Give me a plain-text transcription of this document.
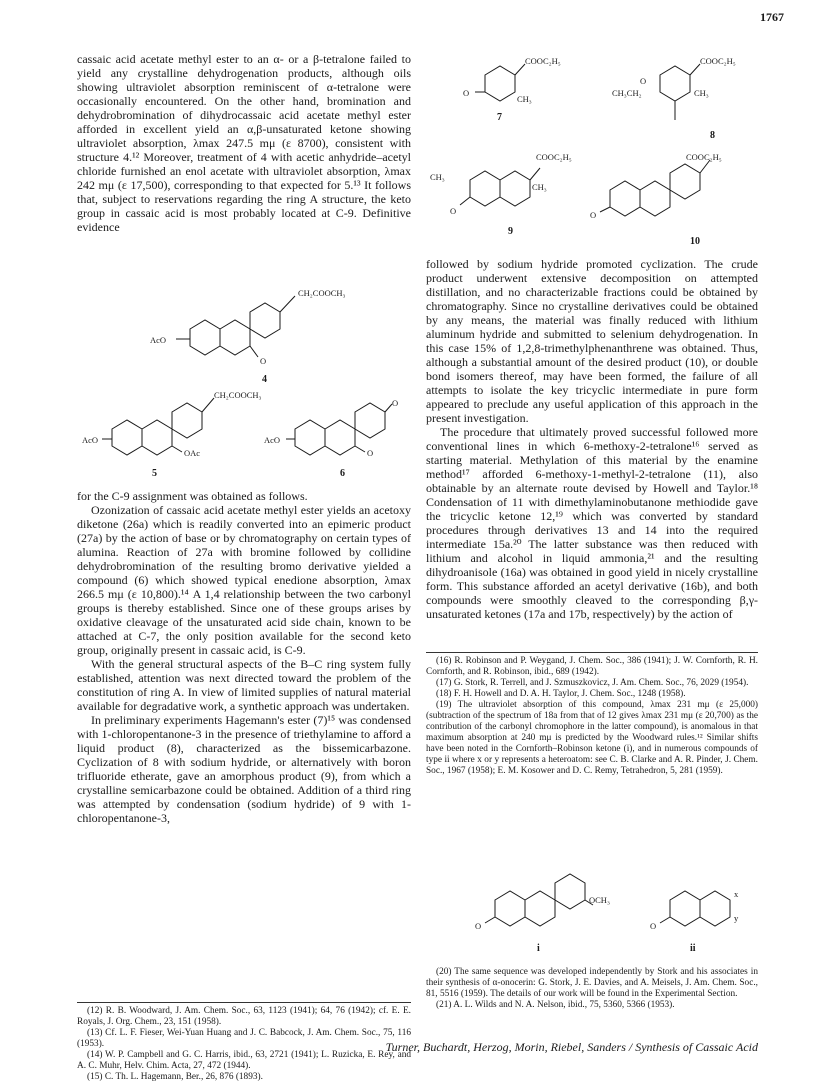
1767

cassaic acid acetate methyl ester to an α- or a β-tetralone failed to yield any crystalline dehydrogenation products, although oils showing ultraviolet absorption reminiscent of α-tetralone were occasionally encountered. On the other hand, bromination and dehydrobromination of dihydrocassaic acid acetate methyl ester afforded in excellent yield an α,β-unsaturated ketone showing ultraviolet absorption, λmax 247.5 mμ (ε 8700), consistent with structure 4.¹² Moreover, treatment of 4 with acetic anhydride–acetyl chloride furnished an enol acetate with ultraviolet absorption, λmax 242 mμ (ε 17,500), corresponding to that expected for 5.¹³ It follows that, subject to reservations regarding the ring A structure, the keto group in cassaic acid is most probably located at C-9. Definitive evidence

CH₂COOCH₃
AcO
O
4
CH₂COOCH₃
AcO
OAc
5
O
AcO
O
6

for the C-9 assignment was obtained as follows.

Ozonization of cassaic acid acetate methyl ester yields an acetoxy diketone (26a) which is readily converted into an epimeric product (27a) by the action of base or by chromatography on certain types of alumina. Reaction of 27a with bromine followed by collidine dehydrobromination of the resulting bromo derivative yielded a compound (6) which showed typical enedione absorption, λmax 266.5 mμ (ε 10,800).¹⁴ A 1,4 relationship between the two carbonyl groups is thereby established. Since one of these groups arises by oxidative cleavage of the unsaturated acid side chain, known to be attached at C-7, the only position available for the second keto group, originally present in cassaic acid, is C-9.

With the general structural aspects of the B–C ring system fully established, attention was next directed toward the problem of the constitution of ring A. In view of limited supplies of natural material available for degradative work, a synthetic approach was undertaken.

In preliminary experiments Hagemann's ester (7)¹⁵ was condensed with 1-chloropentanone-3 in the presence of triethylamine to afford a liquid product (8), characterized as the bissemicarbazone. Cyclization of 8 with sodium hydride, or alternatively with boron trifluoride etherate, gave an amorphous product (9), from which a crystalline semicarbazone could be obtained. Addition of a third ring was attempted by condensation (sodium hydride) of 9 with 1-chloropentanone-3,

(12) R. B. Woodward, J. Am. Chem. Soc., 63, 1123 (1941); 64, 76 (1942); cf. E. E. Royals, J. Org. Chem., 23, 151 (1958).

(13) Cf. L. F. Fieser, Wei-Yuan Huang and J. C. Babcock, J. Am. Chem. Soc., 75, 116 (1953).

(14) W. P. Campbell and G. C. Harris, ibid., 63, 2721 (1941); L. Ruzicka, E. Rey, and A. C. Muhr, Helv. Chim. Acta, 27, 472 (1944).

(15) C. Th. L. Hagemann, Ber., 26, 876 (1893).

COOC₂H₅
O
CH₃
7
COOC₂H₅
O
CH₃CH₂	CH₃
8
COOC₂H₅
CH₃
CH₃
O
9
COOC₂H₅
O
10

followed by sodium hydride promoted cyclization. The crude product underwent extensive decomposition on attempted distillation, and no characterizable fractions could be obtained by chromatography. Since no crystalline derivatives could be obtained by any means, the material was finally reduced with lithium aluminum hydride and submitted to selenium dehydrogenation. In this case 15% of 1,2,8-trimethylphenanthrene was obtained. Thus, although a substantial amount of the desired product (10), or double bond isomers thereof, may have been formed, the failure of all attempts to isolate the key tricyclic intermediate in pure form appeared to preclude any useful application of this approach in the present investigation.

The procedure that ultimately proved successful followed more conventional lines in which 6-methoxy-2-tetralone¹⁶ served as starting material. Methylation of this material by the enamine method¹⁷ afforded 6-methoxy-1-methyl-2-tetralone (11), also obtainable by an alternate route devised by Howell and Taylor.¹⁸ Condensation of 11 with dimethylaminobutanone methiodide gave the tricyclic ketone 12,¹⁹ which was converted by standard procedures through derivatives 13 and 14 into the required intermediate 15a.²⁰ The latter substance was then reduced with lithium and alcohol in liquid ammonia,²¹ and the resulting dihydroanisole (16a) was obtained in good yield in nicely crystalline form. This substance afforded an acetyl derivative (16b), and both compounds were smoothly cleaved to the corresponding β,γ-unsaturated ketones (17a and 17b, respectively) by the action of

(16) R. Robinson and P. Weygand, J. Chem. Soc., 386 (1941); J. W. Cornforth, R. H. Cornforth, and R. Robinson, ibid., 689 (1942).

(17) G. Stork, R. Terrell, and J. Szmuszkovicz, J. Am. Chem. Soc., 76, 2029 (1954).

(18) F. H. Howell and D. A. H. Taylor, J. Chem. Soc., 1248 (1958).

(19) The ultraviolet absorption of this compound, λmax 231 mμ (ε 25,000) (subtraction of the spectrum of 18a from that of 12 gives λmax 231 mμ (ε 20,700) as the contribution of the carbonyl chromophore in the latter compound), is anomalous in that maximum absorption at 240 mμ is predicted by the Woodward rules.¹² Similar shifts have been noted in the Cornforth–Robinson ketone (i), and in numerous compounds of type ii where x or y represents a heteroatom: see C. B. Clarke and A. R. Pinder, J. Chem. Soc., 1967 (1958); E. M. Kosower and D. C. Remy, Tetrahedron, 5, 281 (1959).

OCH₃
O
i
x
y
O
ii

(20) The same sequence was developed independently by Stork and his associates in their synthesis of α-onocerin: G. Stork, J. E. Davies, and A. Meisels, J. Am. Chem. Soc., 81, 5516 (1959). The details of our work will be found in the Experimental Section.

(21) A. L. Wilds and N. A. Nelson, ibid., 75, 5360, 5366 (1953).

Turner, Buchardt, Herzog, Morin, Riebel, Sanders / Synthesis of Cassaic Acid
